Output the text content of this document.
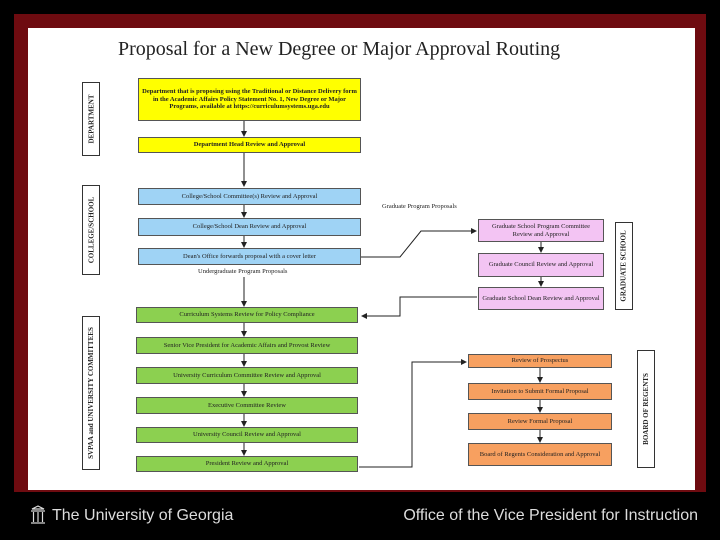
Proposal for a New Degree or Major Approval Routing
DEPARTMENT
COLLEGE/SCHOOL
SVPAA and UNIVERSITY COMMITTEES
GRADUATE SCHOOL
BOARD OF REGENTS
Department that is proposing using the Traditional or Distance Delivery form in the Academic Affairs Policy Statement No. 1, New Degree or Major Programs, available at https://curriculumsystems.uga.edu
Department Head Review and Approval
College/School Committee(s) Review and Approval
College/School Dean Review and Approval
Dean's Office forwards proposal with a cover letter
Undergraduate Program Proposals
Graduate Program Proposals
Curriculum Systems Review for Policy Compliance
Senior Vice President for Academic Affairs and Provost Review
University Curriculum Committee Review and Approval
Executive Committee Review
University Council Review and Approval
President Review and Approval
Graduate School Program Committee Review and Approval
Graduate Council Review and Approval
Graduate School Dean Review and Approval
Review of Prospectus
Invitation to Submit Formal Proposal
Review Formal Proposal
Board of Regents Consideration and Approval
The University of Georgia	Office of the Vice President for Instruction
